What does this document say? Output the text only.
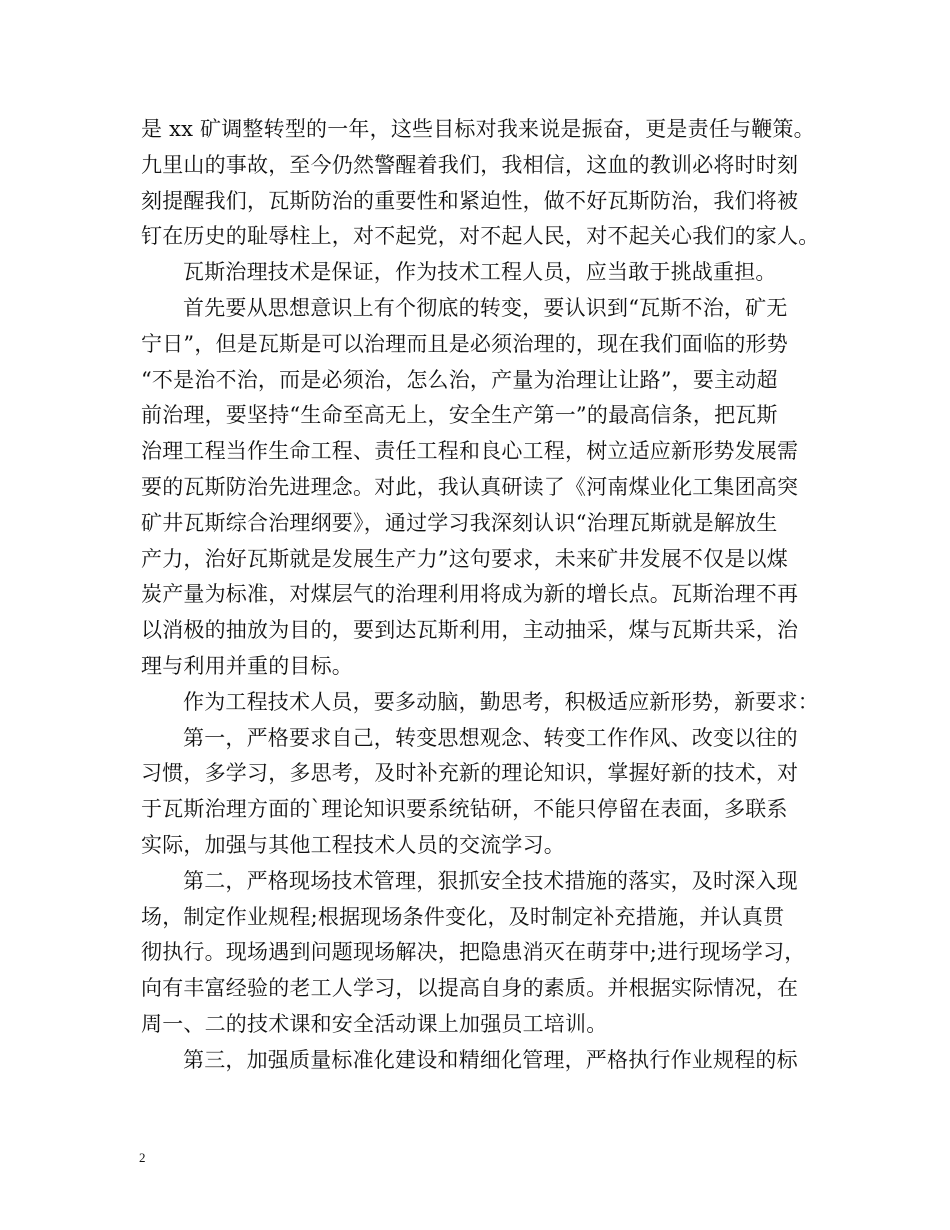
是 xx 矿调整转型的一年，这些目标对我来说是振奋，更是责任与鞭策。
九里山的事故，至今仍然警醒着我们，我相信，这血的教训必将时时刻
刻提醒我们，瓦斯防治的重要性和紧迫性，做不好瓦斯防治，我们将被
钉在历史的耻辱柱上，对不起党，对不起人民，对不起关心我们的家人。
瓦斯治理技术是保证，作为技术工程人员，应当敢于挑战重担。
首先要从思想意识上有个彻底的转变，要认识到“瓦斯不治，矿无
宁日”，但是瓦斯是可以治理而且是必须治理的，现在我们面临的形势
“不是治不治，而是必须治，怎么治，产量为治理让让路”，要主动超
前治理，要坚持“生命至高无上，安全生产第一”的最高信条，把瓦斯
治理工程当作生命工程、责任工程和良心工程，树立适应新形势发展需
要的瓦斯防治先进理念。对此，我认真研读了《河南煤业化工集团高突
矿井瓦斯综合治理纲要》，通过学习我深刻认识“治理瓦斯就是解放生
产力，治好瓦斯就是发展生产力”这句要求，未来矿井发展不仅是以煤
炭产量为标准，对煤层气的治理利用将成为新的增长点。瓦斯治理不再
以消极的抽放为目的，要到达瓦斯利用，主动抽采，煤与瓦斯共采，治
理与利用并重的目标。
作为工程技术人员，要多动脑，勤思考，积极适应新形势，新要求：
第一，严格要求自己，转变思想观念、转变工作作风、改变以往的
习惯，多学习，多思考，及时补充新的理论知识，掌握好新的技术，对
于瓦斯治理方面的`理论知识要系统钻研，不能只停留在表面，多联系
实际，加强与其他工程技术人员的交流学习。
第二，严格现场技术管理，狠抓安全技术措施的落实，及时深入现
场，制定作业规程;根据现场条件变化，及时制定补充措施，并认真贯
彻执行。现场遇到问题现场解决，把隐患消灭在萌芽中;进行现场学习，
向有丰富经验的老工人学习，以提高自身的素质。并根据实际情况，在
周一、二的技术课和安全活动课上加强员工培训。
第三，加强质量标准化建设和精细化管理，严格执行作业规程的标
2
